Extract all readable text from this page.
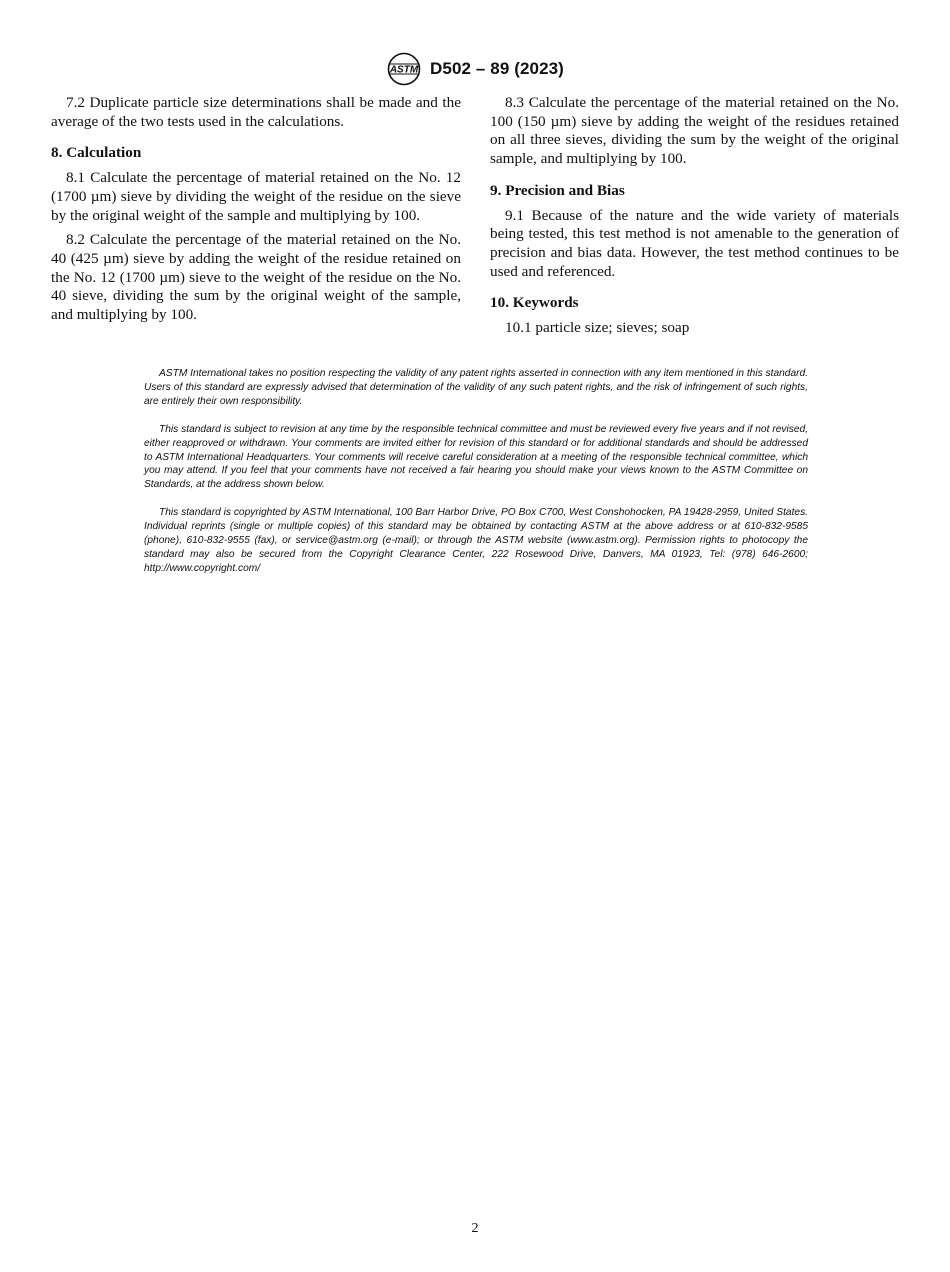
ASTM D502 – 89 (2023)

7.2 Duplicate particle size determinations shall be made and the average of the two tests used in the calculations.

8. Calculation

8.1 Calculate the percentage of material retained on the No. 12 (1700 µm) sieve by dividing the weight of the residue on the sieve by the original weight of the sample and multiplying by 100.

8.2 Calculate the percentage of the material retained on the No. 40 (425 µm) sieve by adding the weight of the residue retained on the No. 12 (1700 µm) sieve to the weight of the residue on the No. 40 sieve, dividing the sum by the original weight of the sample, and multiplying by 100.

8.3 Calculate the percentage of the material retained on the No. 100 (150 µm) sieve by adding the weight of the residues retained on all three sieves, dividing the sum by the weight of the original sample, and multiplying by 100.

9. Precision and Bias

9.1 Because of the nature and the wide variety of materials being tested, this test method is not amenable to the generation of precision and bias data. However, the test method continues to be used and referenced.

10. Keywords

10.1 particle size; sieves; soap

ASTM International takes no position respecting the validity of any patent rights asserted in connection with any item mentioned in this standard. Users of this standard are expressly advised that determination of the validity of any such patent rights, and the risk of infringement of such rights, are entirely their own responsibility.

This standard is subject to revision at any time by the responsible technical committee and must be reviewed every five years and if not revised, either reapproved or withdrawn. Your comments are invited either for revision of this standard or for additional standards and should be addressed to ASTM International Headquarters. Your comments will receive careful consideration at a meeting of the responsible technical committee, which you may attend. If you feel that your comments have not received a fair hearing you should make your views known to the ASTM Committee on Standards, at the address shown below.

This standard is copyrighted by ASTM International, 100 Barr Harbor Drive, PO Box C700, West Conshohocken, PA 19428-2959, United States. Individual reprints (single or multiple copies) of this standard may be obtained by contacting ASTM at the above address or at 610-832-9585 (phone), 610-832-9555 (fax), or service@astm.org (e-mail); or through the ASTM website (www.astm.org). Permission rights to photocopy the standard may also be secured from the Copyright Clearance Center, 222 Rosewood Drive, Danvers, MA 01923, Tel: (978) 646-2600; http://www.copyright.com/

2
